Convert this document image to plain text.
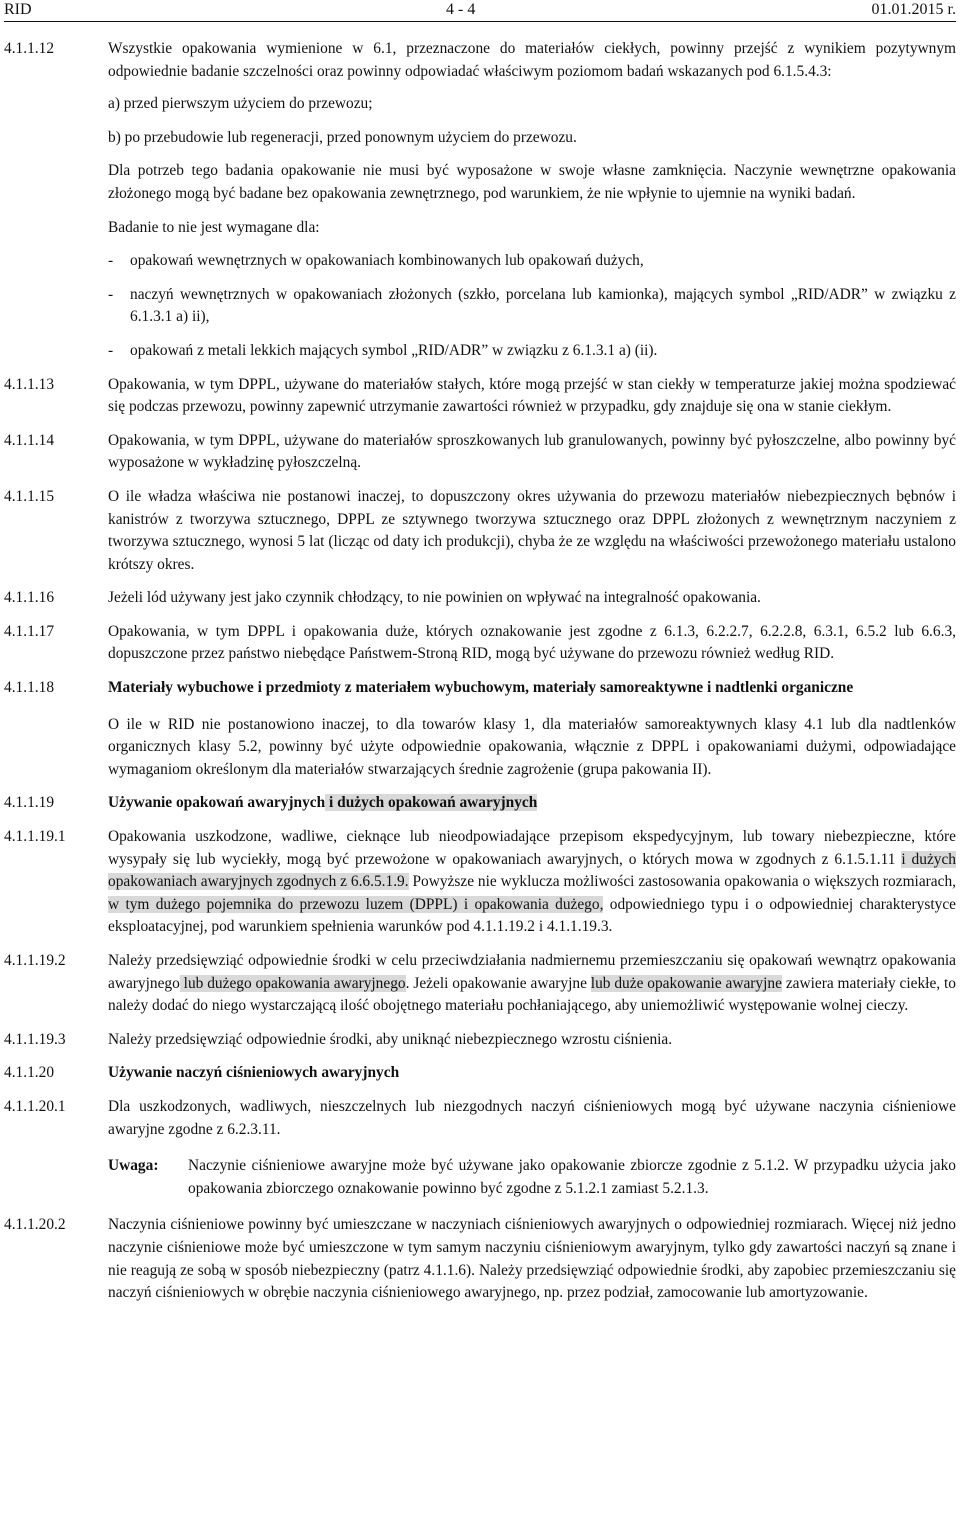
RID	4 - 4	01.01.2015 r.
4.1.1.12	Wszystkie opakowania wymienione w 6.1, przeznaczone do materiałów ciekłych, powinny przejść z wynikiem pozytywnym odpowiednie badanie szczelności oraz powinny odpowiadać właściwym poziomom badań wskazanych pod 6.1.5.4.3:

a) przed pierwszym użyciem do przewozu;

b) po przebudowie lub regeneracji, przed ponownym użyciem do przewozu.

Dla potrzeb tego badania opakowanie nie musi być wyposażone w swoje własne zamknięcia. Naczynie wewnętrzne opakowania złożonego mogą być badane bez opakowania zewnętrznego, pod warunkiem, że nie wpłynie to ujemnie na wyniki badań.

Badanie to nie jest wymagane dla:

- opakowań wewnętrznych w opakowaniach kombinowanych lub opakowań dużych,

- naczyń wewnętrznych w opakowaniach złożonych (szkło, porcelana lub kamionka), mających symbol „RID/ADR” w związku z 6.1.3.1 a) ii),

- opakowań z metali lekkich mających symbol „RID/ADR” w związku z 6.1.3.1 a) (ii).

4.1.1.13	Opakowania, w tym DPPL, używane do materiałów stałych, które mogą przejść w stan ciekły w temperaturze jakiej można spodziewać się podczas przewozu, powinny zapewnić utrzymanie zawartości również w przypadku, gdy znajduje się ona w stanie ciekłym.

4.1.1.14	Opakowania, w tym DPPL, używane do materiałów sproszkowanych lub granulowanych, powinny być pyłoszczelne, albo powinny być wyposażone w wykładzinę pyłoszczelną.

4.1.1.15	O ile władza właściwa nie postanowi inaczej, to dopuszczony okres używania do przewozu materiałów niebezpiecznych bębnów i kanistrów z tworzywa sztucznego, DPPL ze sztywnego tworzywa sztucznego oraz DPPL złożonych z wewnętrznym naczyniem z tworzywa sztucznego, wynosi 5 lat (licząc od daty ich produkcji), chyba że ze względu na właściwości przewożonego materiału ustalono krótszy okres.

4.1.1.16	Jeżeli lód używany jest jako czynnik chłodzący, to nie powinien on wpływać na integralność opakowania.

4.1.1.17	Opakowania, w tym DPPL i opakowania duże, których oznakowanie jest zgodne z 6.1.3, 6.2.2.7, 6.2.2.8, 6.3.1, 6.5.2 lub 6.6.3, dopuszczone przez państwo niebędące Państwem-Stroną RID, mogą być używane do przewozu również według RID.

4.1.1.18	Materiały wybuchowe i przedmioty z materiałem wybuchowym, materiały samoreaktywne i nadtlenki organiczne

O ile w RID nie postanowiono inaczej, to dla towarów klasy 1, dla materiałów samoreaktywnych klasy 4.1 lub dla nadtlenków organicznych klasy 5.2, powinny być użyte odpowiednie opakowania, włącznie z DPPL i opakowaniami dużymi, odpowiadające wymaganiom określonym dla materiałów stwarzających średnie zagrożenie (grupa pakowania II).

4.1.1.19	Używanie opakowań awaryjnych i dużych opakowań awaryjnych

4.1.1.19.1	Opakowania uszkodzone, wadliwe, cieknące lub nieodpowiadające przepisom ekspedycyjnym, lub towary niebezpieczne, które wysypały się lub wyciekły, mogą być przewożone w opakowaniach awaryjnych, o których mowa w zgodnych z 6.1.5.1.11 i dużych opakowaniach awaryjnych zgodnych z 6.6.5.1.9. Powyższe nie wyklucza możliwości zastosowania opakowania o większych rozmiarach, w tym dużego pojemnika do przewozu luzem (DPPL) i opakowania dużego, odpowiedniego typu i o odpowiedniej charakterystyce eksploatacyjnej, pod warunkiem spełnienia warunków pod 4.1.1.19.2 i 4.1.1.19.3.

4.1.1.19.2	Należy przedsięwziąć odpowiednie środki w celu przeciwdziałania nadmiernemu przemieszczaniu się opakowań wewnątrz opakowania awaryjnego lub dużego opakowania awaryjnego. Jeżeli opakowanie awaryjne lub duże opakowanie awaryjne zawiera materiały ciekłe, to należy dodać do niego wystarczającą ilość obojętnego materiału pochłaniającego, aby uniemożliwić występowanie wolnej cieczy.

4.1.1.19.3	Należy przedsięwziąć odpowiednie środki, aby uniknąć niebezpiecznego wzrostu ciśnienia.

4.1.1.20	Używanie naczyń ciśnieniowych awaryjnych

4.1.1.20.1	Dla uszkodzonych, wadliwych, nieszczelnych lub niezgodnych naczyń ciśnieniowych mogą być używane naczynia ciśnieniowe awaryjne zgodne z 6.2.3.11.

Uwaga: Naczynie ciśnieniowe awaryjne może być używane jako opakowanie zbiorcze zgodnie z 5.1.2. W przypadku użycia jako opakowania zbiorczego oznakowanie powinno być zgodne z 5.1.2.1 zamiast 5.2.1.3.

4.1.1.20.2	Naczynia ciśnieniowe powinny być umieszczane w naczyniach ciśnieniowych awaryjnych o odpowiedniej rozmiarach. Więcej niż jedno naczynie ciśnieniowe może być umieszczone w tym samym naczyniu ciśnieniowym awaryjnym, tylko gdy zawartości naczyń są znane i nie reagują ze sobą w sposób niebezpieczny (patrz 4.1.1.6). Należy przedsięwziąć odpowiednie środki, aby zapobiec przemieszczaniu się naczyń ciśnieniowych w obrębie naczynia ciśnieniowego awaryjnego, np. przez podział, zamocowanie lub amortyzowanie.
